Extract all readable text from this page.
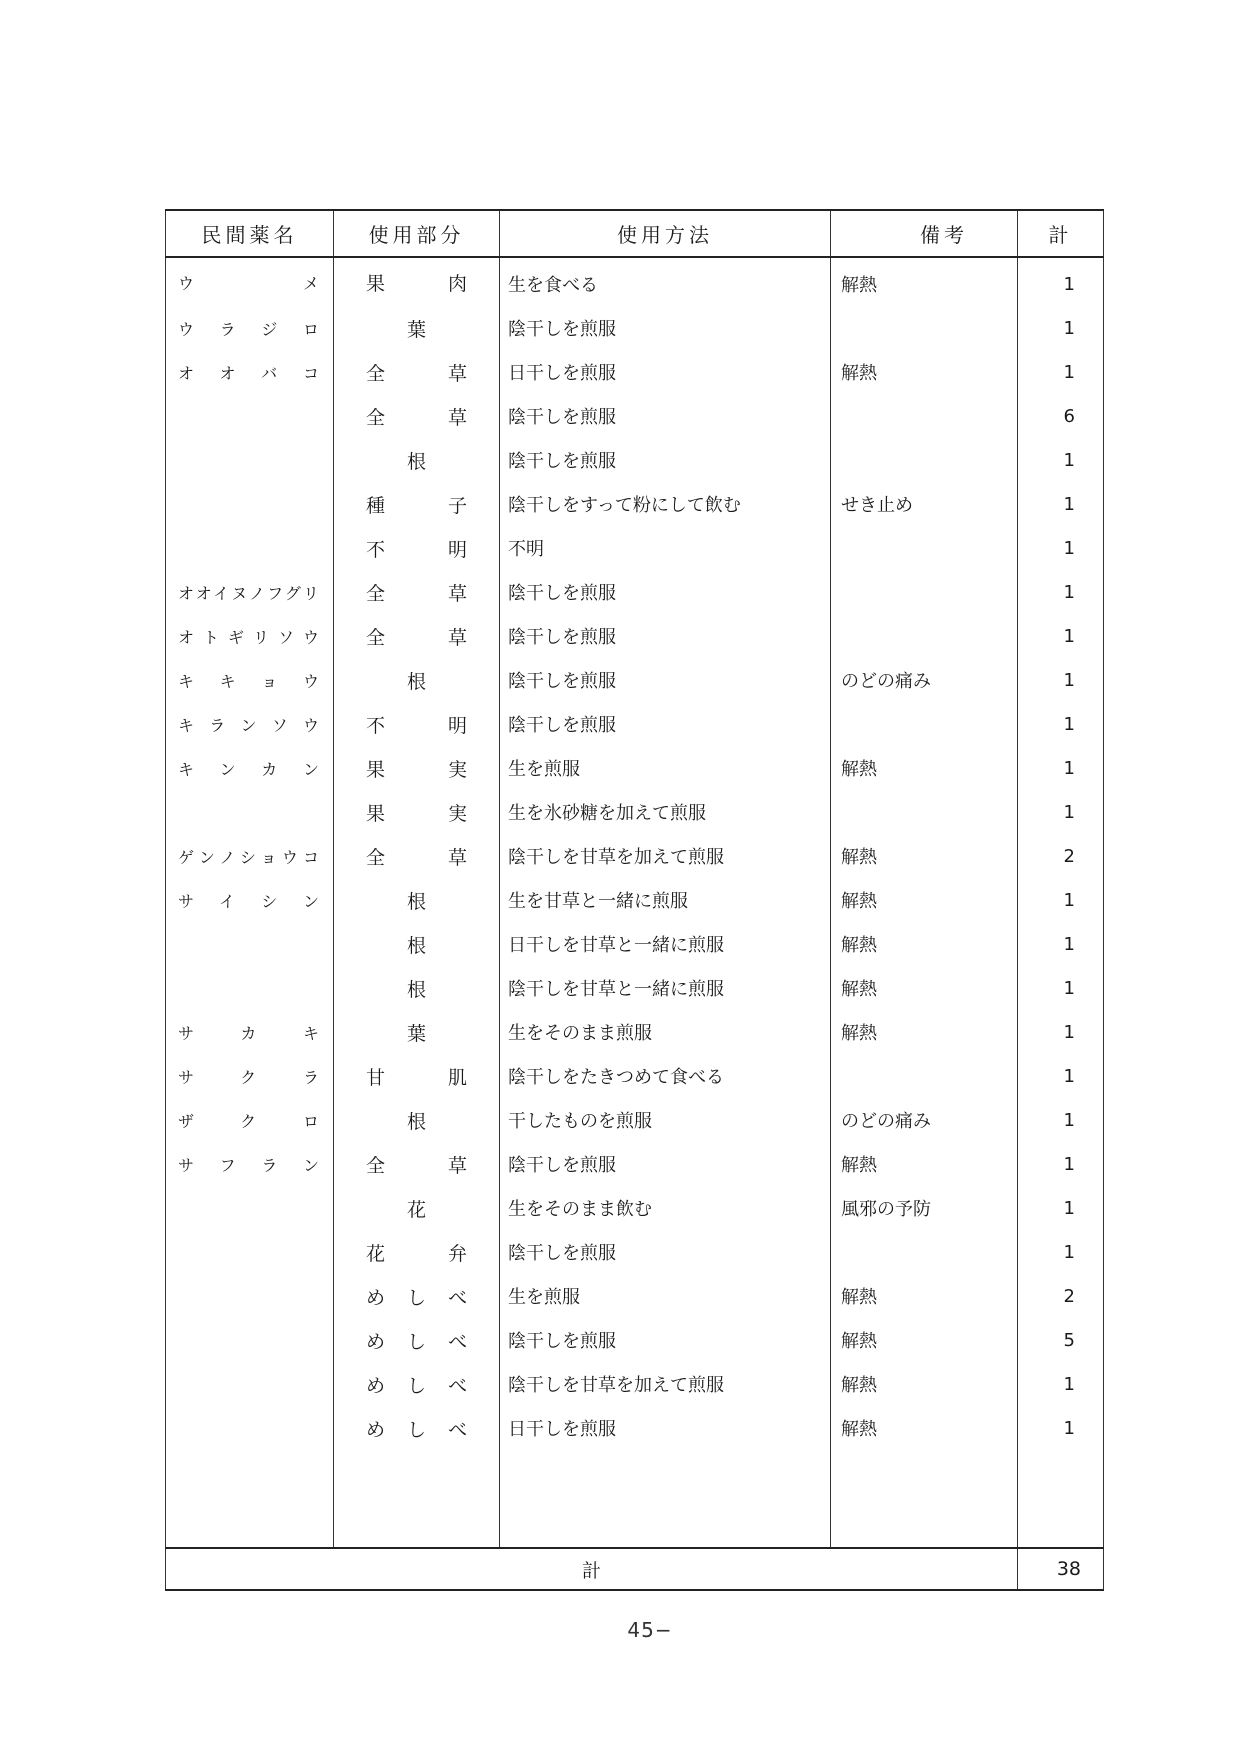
民間薬名	使用部分	使用方法	備考	計
ウメ	果肉	生を食べる	解熱	1
ウラジロ	葉	陰干しを煎服		1
オオバコ	全草	日干しを煎服	解熱	1
	全草	陰干しを煎服		6
	根	陰干しを煎服		1
	種子	陰干しをすって粉にして飲む	せき止め	1
	不明	不明		1
オオイヌノフグリ	全草	陰干しを煎服		1
オトギリソウ	全草	陰干しを煎服		1
キキョウ	根	陰干しを煎服	のどの痛み	1
キランソウ	不明	陰干しを煎服		1
キンカン	果実	生を煎服	解熱	1
	果実	生を氷砂糖を加えて煎服		1
ゲンノショウコ	全草	陰干しを甘草を加えて煎服	解熱	2
サイシン	根	生を甘草と一緒に煎服	解熱	1
	根	日干しを甘草と一緒に煎服	解熱	1
	根	陰干しを甘草と一緒に煎服	解熱	1
サカキ	葉	生をそのまま煎服	解熱	1
サクラ	甘肌	陰干しをたきつめて食べる		1
ザクロ	根	干したものを煎服	のどの痛み	1
サフラン	全草	陰干しを煎服	解熱	1
	花	生をそのまま飲む	風邪の予防	1
	花弁	陰干しを煎服		1
	めしべ	生を煎服	解熱	2
	めしべ	陰干しを煎服	解熱	5
	めしべ	陰干しを甘草を加えて煎服	解熱	1
	めしべ	日干しを煎服	解熱	1

計				38
45−
